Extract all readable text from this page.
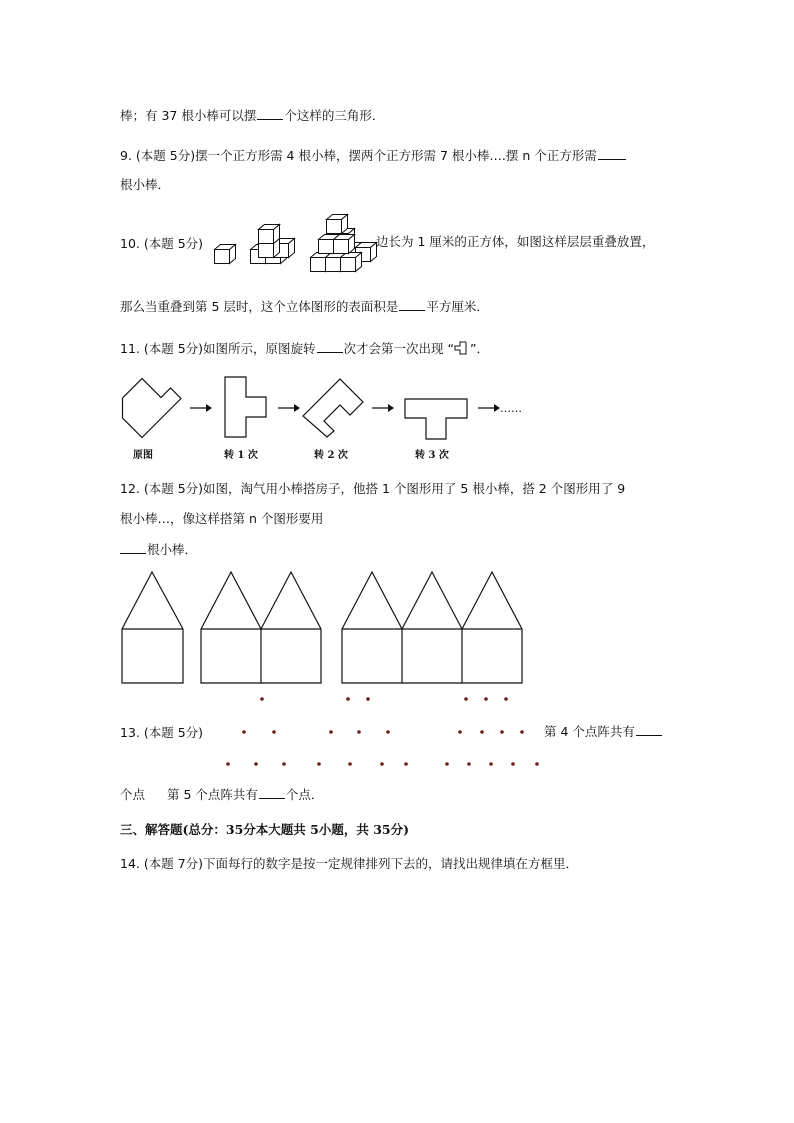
棒；有 37 根小棒可以摆 个这样的三角形．

9. (本题 5分)摆一个正方形需 4 根小棒，摆两个正方形需 7 根小棒….摆 n 个正方形需

根小棒．

10. (本题 5分)	边长为 1 厘米的正方体，如图这样层层重叠放置，

那么当重叠到第 5 层时，这个立体图形的表面积是 平方厘米．

11. (本题 5分)如图所示，原图旋转 次才会第一次出现 “ ”．

……
原图	转 1 次	转 2 次	转 3 次

12. (本题 5分)如图，淘气用小棒搭房子，他搭 1 个图形用了 5 根小棒，搭 2 个图形用了 9

根小棒…，像这样搭第 n 个图形要用

根小棒．

13. (本题 5分)	第 4 个点阵共有

个点 第 5 个点阵共有 个点．

三、解答题(总分：35分本大题共 5小题，共 35分)

14. (本题 7分)下面每行的数字是按一定规律排列下去的，请找出规律填在方框里．
